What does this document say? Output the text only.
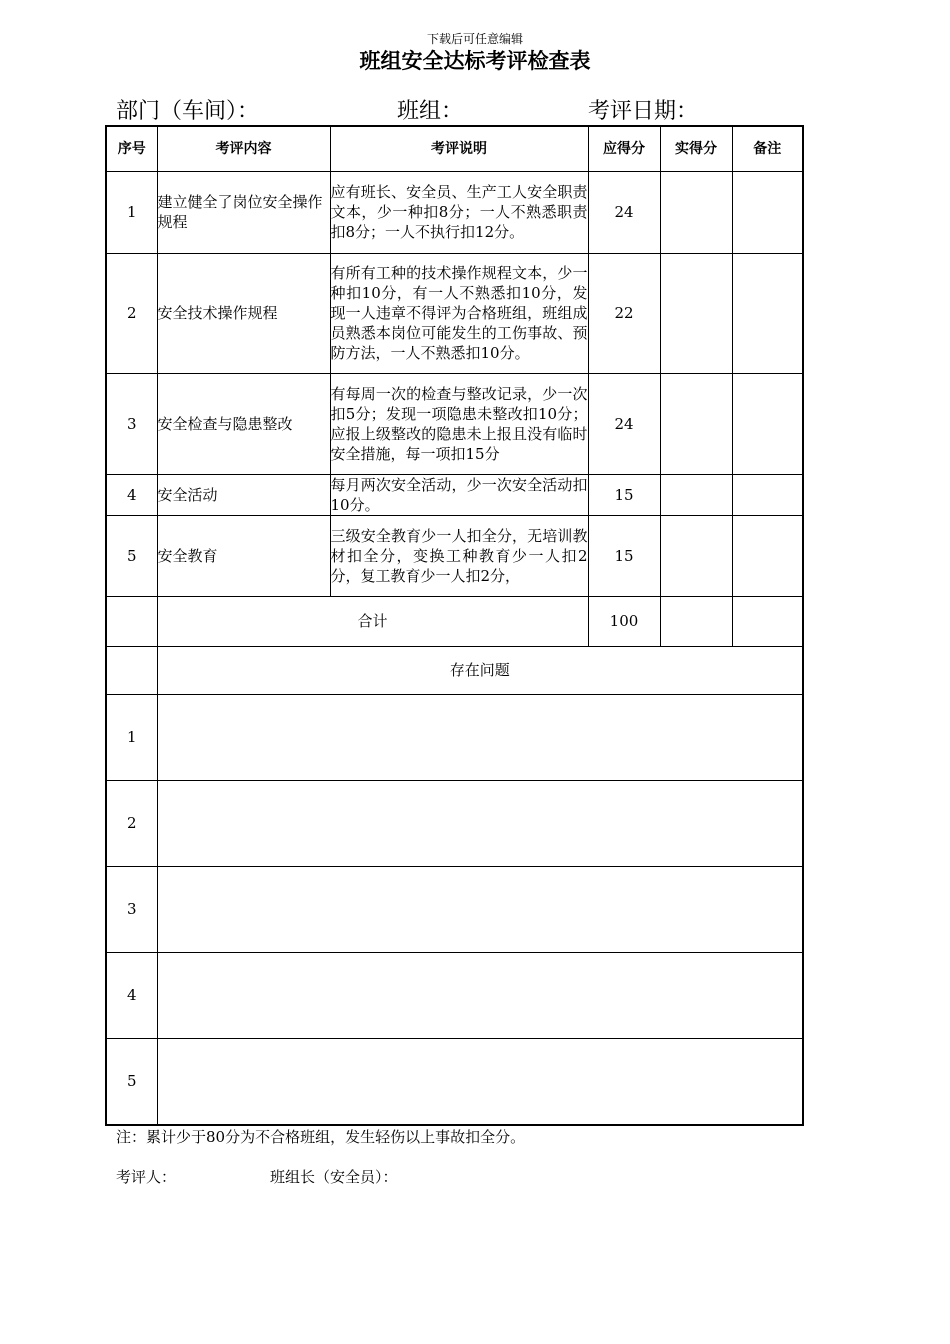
下载后可任意编辑
班组安全达标考评检查表
部门（车间）：	班组：	考评日期：
序号	考评内容	考评说明	应得分	实得分	备注
1	建立健全了岗位安全操作规程	应有班长、安全员、生产工人安全职责文本，少一种扣8分；一人不熟悉职责扣8分；一人不执行扣12分。	24		
2	安全技术操作规程	有所有工种的技术操作规程文本，少一种扣10分，有一人不熟悉扣10分，发现一人违章不得评为合格班组，班组成员熟悉本岗位可能发生的工伤事故、预防方法，一人不熟悉扣10分。	22		
3	安全检查与隐患整改	有每周一次的检查与整改记录，少一次扣5分；发现一项隐患未整改扣10分；应报上级整改的隐患未上报且没有临时安全措施，每一项扣15分	24		
4	安全活动	每月两次安全活动，少一次安全活动扣10分。	15		
5	安全教育	三级安全教育少一人扣全分，无培训教材扣全分，变换工种教育少一人扣2分，复工教育少一人扣2分，	15		
	合计		100		
	存在问题				
1					
2					
3					
4					
5					
注：累计少于80分为不合格班组，发生轻伤以上事故扣全分。
考评人：	班组长（安全员）：
